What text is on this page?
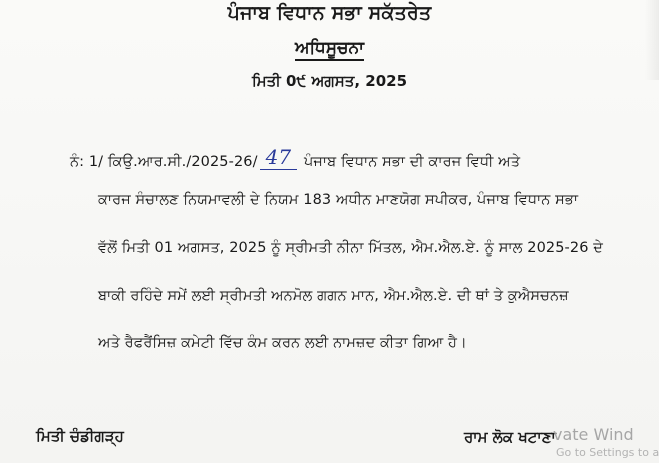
ਪੰਜਾਬ ਵਿਧਾਨ ਸਭਾ ਸਕੱਤਰੇਤ
ਅਧਿਸੂਚਨਾ
ਮਿਤੀ 0੯ ਅਗਸਤ, 2025
ਨੰ: 1/ ਕਿਉ.ਆਰ.ਸੀ./2025-26/ 47 ਪੰਜਾਬ ਵਿਧਾਨ ਸਭਾ ਦੀ ਕਾਰਜ ਵਿਧੀ ਅਤੇ
ਕਾਰਜ ਸੰਚਾਲਣ ਨਿਯਮਾਵਲੀ ਦੇ ਨਿਯਮ 183 ਅਧੀਨ ਮਾਣਯੋਗ ਸਪੀਕਰ, ਪੰਜਾਬ ਵਿਧਾਨ ਸਭਾ
ਵੱਲੋਂ ਮਿਤੀ 01 ਅਗਸਤ, 2025 ਨੂੰ ਸ੍ਰੀਮਤੀ ਨੀਨਾ ਮਿੱਤਲ, ਐਮ.ਐਲ.ਏ. ਨੂੰ ਸਾਲ 2025-26 ਦੇ
ਬਾਕੀ ਰਹਿੰਦੇ ਸਮੇਂ ਲਈ ਸ੍ਰੀਮਤੀ ਅਨਮੋਲ ਗਗਨ ਮਾਨ, ਐਮ.ਐਲ.ਏ. ਦੀ ਥਾਂ ਤੇ ਕੁਐਸਚਨਜ਼
ਅਤੇ ਰੈਫਰੈਂਸਿਜ਼ ਕਮੇਟੀ ਵਿੱਚ ਕੰਮ ਕਰਨ ਲਈ ਨਾਮਜ਼ਦ ਕੀਤਾ ਗਿਆ ਹੈ।
ਮਿਤੀ ਚੰਡੀਗੜ੍ਹ	ਰਾਮ ਲੋਕ ਖਟਾਣਾ
vate Wind
Go to Settings to a
